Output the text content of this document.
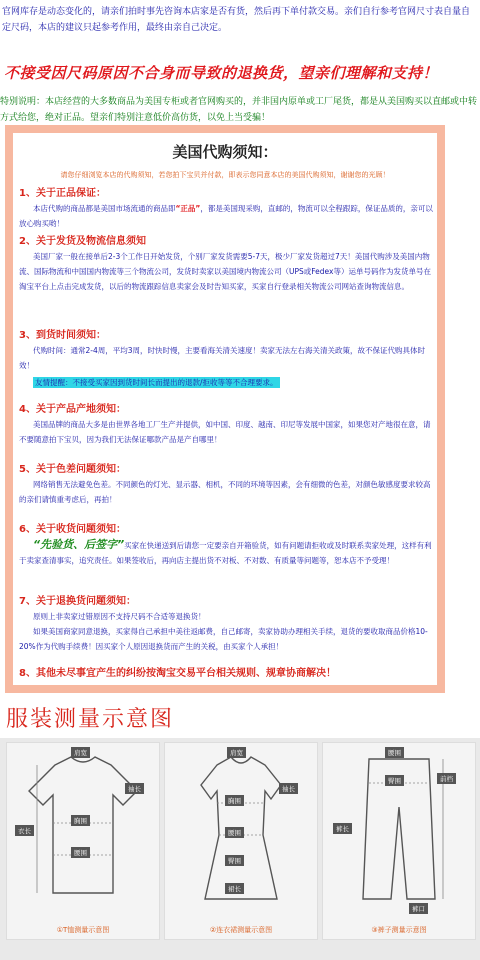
官网库存是动态变化的，请亲们拍时事先咨询本店家是否有货，然后再下单付款交易。亲们自行参考官网尺寸表自量自定尺码，本店的建议只起参考作用，最终由亲自己决定。
不接受因尺码原因不合身而导致的退换货，望亲们理解和支持！
特别说明：本店经营的大多数商品为美国专柜或者官网购买的，并非国内原单或工厂尾货，都是从美国购买以直邮或中转方式给您，绝对正品。望亲们特别注意低价高仿货，以免上当受骗！
美国代购须知：
请您仔细浏览本店的代购须知，若您拍下宝贝并付款，即表示您同意本店的美国代购须知，谢谢您的光顾！
1、关于正品保证：

本店代购的商品都是美国市场流通的商品即“正品”，都是美国现采购，直邮的，物流可以全程跟踪，保证品质的，亲可以放心购买哟！

2、关于发货及物流信息须知

美国厂家一般在接单后2-3个工作日开始发货，个别厂家发货需要5-7天，极少厂家发货超过7天！美国代购涉及美国内物流、国际物流和中国国内物流等三个物流公司，发货时卖家以美国境内物流公司（UPS或Fedex等）运单号码作为发货单号在淘宝平台上点击完成发货，以后的物流跟踪信息卖家会及时告知买家，买家自行登录相关物流公司网站查询物流信息。

3、到货时间须知：

代购时间：通常2-4周，平均3周，时快时慢，主要看海关清关速度！卖家无法左右海关清关政策，故不保证代购具体时效！

友情提醒：不接受买家因到货时间长而提出的退款/拒收等等不合理要求。

4、关于产品产地须知：

美国品牌的商品大多是由世界各地工厂生产并提供，如中国、印度、越南、印尼等发展中国家，如果您对产地很在意，请不要随意拍下宝贝，因为我们无法保证哪款产品是产自哪里！

5、关于色差问题须知：

网络销售无法避免色差。不同颜色的灯光、显示器、相机，不同的环境等因素，会有细微的色差，对颜色敏感度要求较高的亲们请慎重考虑后，再拍！

6、关于收货问题须知：

“先验货、后签字”买家在快递送到后请您一定要亲自开箱验货，如有问题请拒收或及时联系卖家处理，这样有利于卖家查清事实，追究责任。如果签收后，再向店主提出货不对板、不对数、有质量等问题等，恕本店不予受理！

7、关于退换货问题须知：

原则上非卖家过错原因不支持尺码不合适等退换货！

如果美国商家同意退换，买家得自己承担中美往返邮费，自己邮寄，卖家协助办理相关手续，退货的要收取商品价格10-20%作为代购手续费！因买家个人原因退换货而产生的关税，由买家个人承担！

8、其他未尽事宜产生的纠纷按淘宝交易平台相关规则、规章协商解决！
服装测量示意图
肩宽
袖长
胸围
腰围
衣长
①T恤测量示意图
肩宽
胸围
袖长
腰围
臀围
裙长
②连衣裙测量示意图
腰围
裤长
臀围
裤口
前档
③裤子测量示意图
